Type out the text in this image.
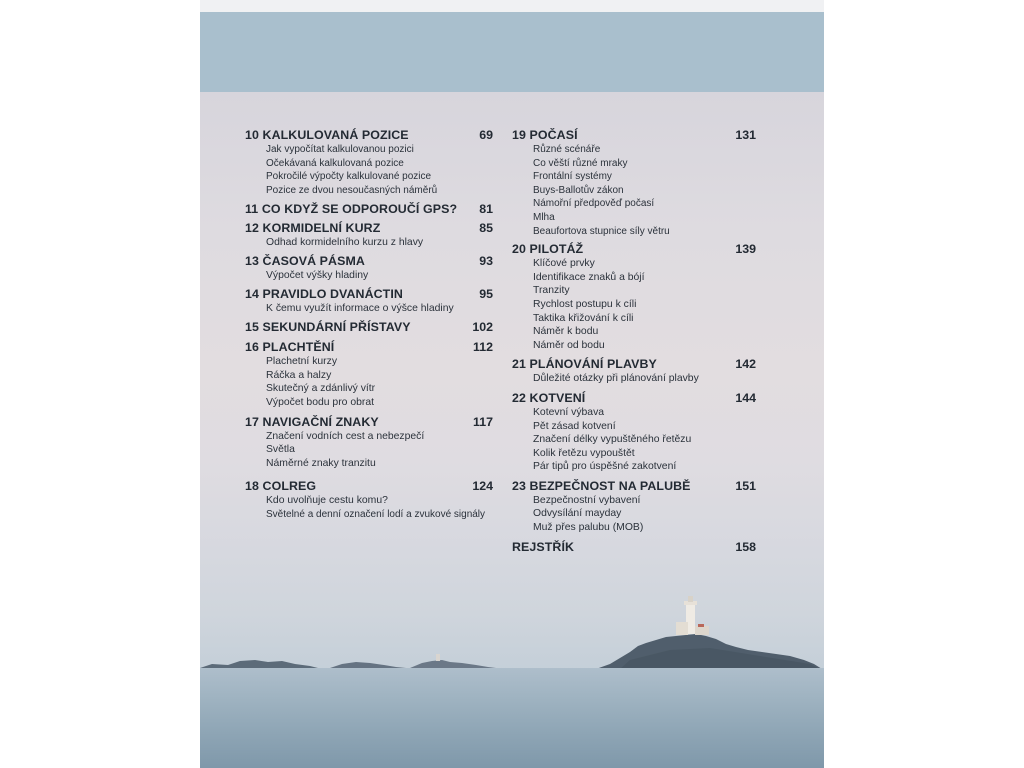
10 KALKULOVANÁ POZICE	69
Jak vypočítat kalkulovanou pozici
Očekávaná kalkulovaná pozice
Pokročilé výpočty kalkulované pozice
Pozice ze dvou nesoučasných náměrů
11 CO KDYŽ SE ODPOROUČÍ GPS? 81
12 KORMIDELNÍ KURZ	85
Odhad kormidelního kurzu z hlavy
13 ČASOVÁ PÁSMA	93
Výpočet výšky hladiny
14 PRAVIDLO DVANÁCTIN	95
K čemu využít informace o výšce hladiny
15 SEKUNDÁRNÍ PŘÍSTAVY	102
16 PLACHTĚNÍ	112
Plachetní kurzy
Ráčka a halzy
Skutečný a zdánlivý vítr
Výpočet bodu pro obrat
17 NAVIGAČNÍ ZNAKY	117
Značení vodních cest a nebezpečí
Světla
Náměrné znaky tranzitu
18 COLREG	124
Kdo uvolňuje cestu komu?
Světelné a denní označení lodí a zvukové signály
19 POČASÍ	131
Různé scénáře
Co věští různé mraky
Frontální systémy
Buys-Ballotův zákon
Námořní předpověď počasí
Mlha
Beaufortova stupnice síly větru
20 PILOTÁŽ	139
Klíčové prvky
Identifikace znaků a bójí
Tranzity
Rychlost postupu k cíli
Taktika křižování k cíli
Náměr k bodu
Náměr od bodu
21 PLÁNOVÁNÍ PLAVBY	142
Důležité otázky při plánování plavby
22 KOTVENÍ	144
Kotevní výbava
Pět zásad kotvení
Značení délky vypuštěného řetězu
Kolik řetězu vypouštět
Pár tipů pro úspěšné zakotvení
23 BEZPEČNOST NA PALUBĚ	151
Bezpečnostní vybavení
Odvysílání mayday
Muž přes palubu (MOB)
REJSTŘÍK	158
